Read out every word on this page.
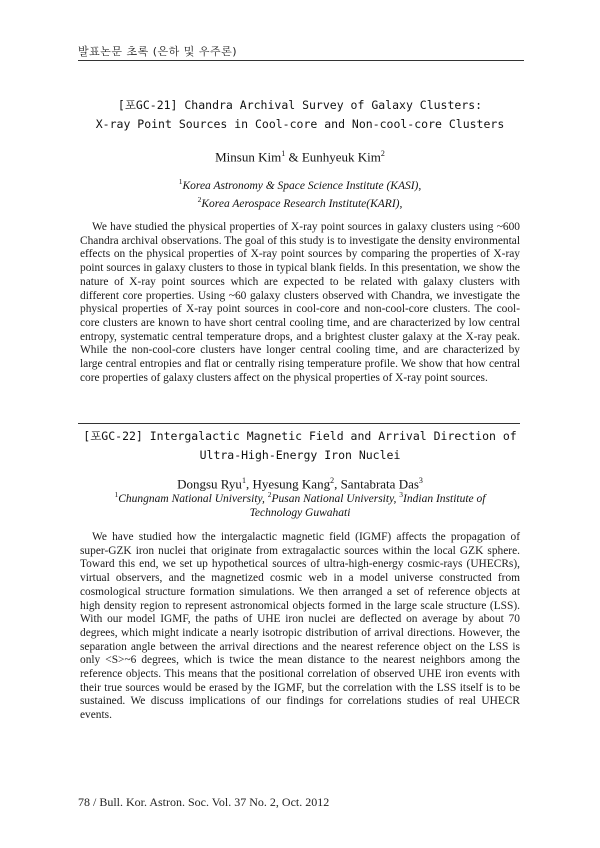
발표논문 초록 (은하 및 우주론)
[포GC-21] Chandra Archival Survey of Galaxy Clusters:
X-ray Point Sources in Cool-core and Non-cool-core Clusters
Minsun Kim$^1$ & Eunhyeuk Kim$^2$
$^1$Korea Astronomy & Space Science Institute (KASI),
$^2$Korea Aerospace Research Institute(KARI),
We have studied the physical properties of X-ray point sources in galaxy clusters using ~600 Chandra archival observations. The goal of this study is to investigate the density environmental effects on the physical properties of X-ray point sources by comparing the properties of X-ray point sources in galaxy clusters to those in typical blank fields. In this presentation, we show the nature of X-ray point sources which are expected to be related with galaxy clusters with different core properties. Using ~60 galaxy clusters observed with Chandra, we investigate the physical properties of X-ray point sources in cool-core and non-cool-core clusters. The cool-core clusters are known to have short central cooling time, and are characterized by low central entropy, systematic central temperature drops, and a brightest cluster galaxy at the X-ray peak. While the non-cool-core clusters have longer central cooling time, and are characterized by large central entropies and flat or centrally rising temperature profile. We show that how central core properties of galaxy clusters affect on the physical properties of X-ray point sources.
[포GC-22] Intergalactic Magnetic Field and Arrival Direction of
Ultra-High-Energy Iron Nuclei
Dongsu Ryu$^1$, Hyesung Kang$^2$, Santabrata Das$^3$
$^1$Chungnam National University, $^2$Pusan National University, $^3$Indian Institute of
Technology Guwahati
We have studied how the intergalactic magnetic field (IGMF) affects the propagation of super-GZK iron nuclei that originate from extragalactic sources within the local GZK sphere. Toward this end, we set up hypothetical sources of ultra-high-energy cosmic-rays (UHECRs), virtual observers, and the magnetized cosmic web in a model universe constructed from cosmological structure formation simulations. We then arranged a set of reference objects at high density region to represent astronomical objects formed in the large scale structure (LSS). With our model IGMF, the paths of UHE iron nuclei are deflected on average by about 70 degrees, which might indicate a nearly isotropic distribution of arrival directions. However, the separation angle between the arrival directions and the nearest reference object on the LSS is only <S>~6 degrees, which is twice the mean distance to the nearest neighbors among the reference objects. This means that the positional correlation of observed UHE iron events with their true sources would be erased by the IGMF, but the correlation with the LSS itself is to be sustained. We discuss implications of our findings for correlations studies of real UHECR events.
78 / Bull. Kor. Astron. Soc. Vol. 37 No. 2, Oct. 2012
